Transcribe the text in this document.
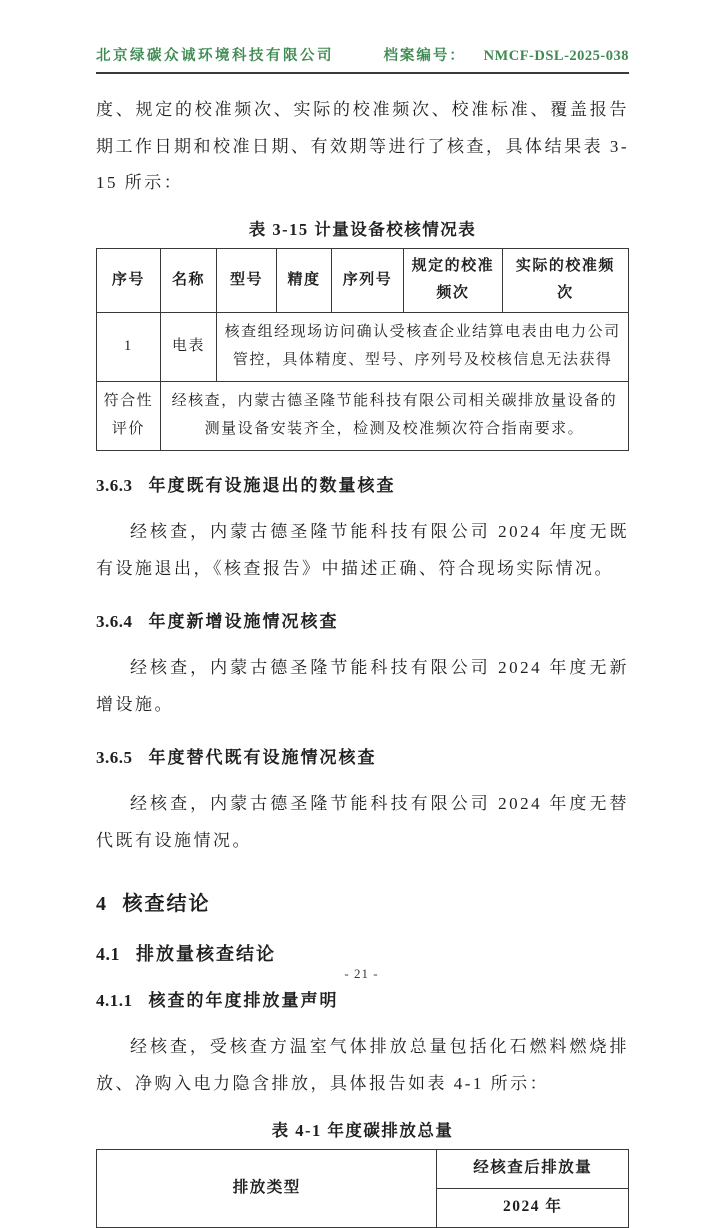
北京绿碳众诚环境科技有限公司	档案编号： NMCF-DSL-2025-038

度、规定的校准频次、实际的校准频次、校准标准、覆盖报告期工作日期和校准日期、有效期等进行了核查，具体结果表 3-15 所示：

表 3-15 计量设备校核情况表
序号	名称	型号	精度	序列号	规定的校准频次	实际的校准频次
1	电表	核查组经现场访问确认受核查企业结算电表由电力公司管控，具体精度、型号、序列号及校核信息无法获得				
符合性评价	经核查，内蒙古德圣隆节能科技有限公司相关碳排放量设备的测量设备安装齐全，检测及校准频次符合指南要求。					
3.6.3 年度既有设施退出的数量核查

经核查，内蒙古德圣隆节能科技有限公司 2024 年度无既有设施退出，《核查报告》中描述正确、符合现场实际情况。

3.6.4 年度新增设施情况核查

经核查，内蒙古德圣隆节能科技有限公司 2024 年度无新增设施。

3.6.5 年度替代既有设施情况核查

经核查，内蒙古德圣隆节能科技有限公司 2024 年度无替代既有设施情况。

4 核查结论
4.1 排放量核查结论
4.1.1 核查的年度排放量声明

经核查，受核查方温室气体排放总量包括化石燃料燃烧排放、净购入电力隐含排放，具体报告如表 4-1 所示：

表 4-1 年度碳排放总量
排放类型	经核查后排放量
2024 年
- 21 -
